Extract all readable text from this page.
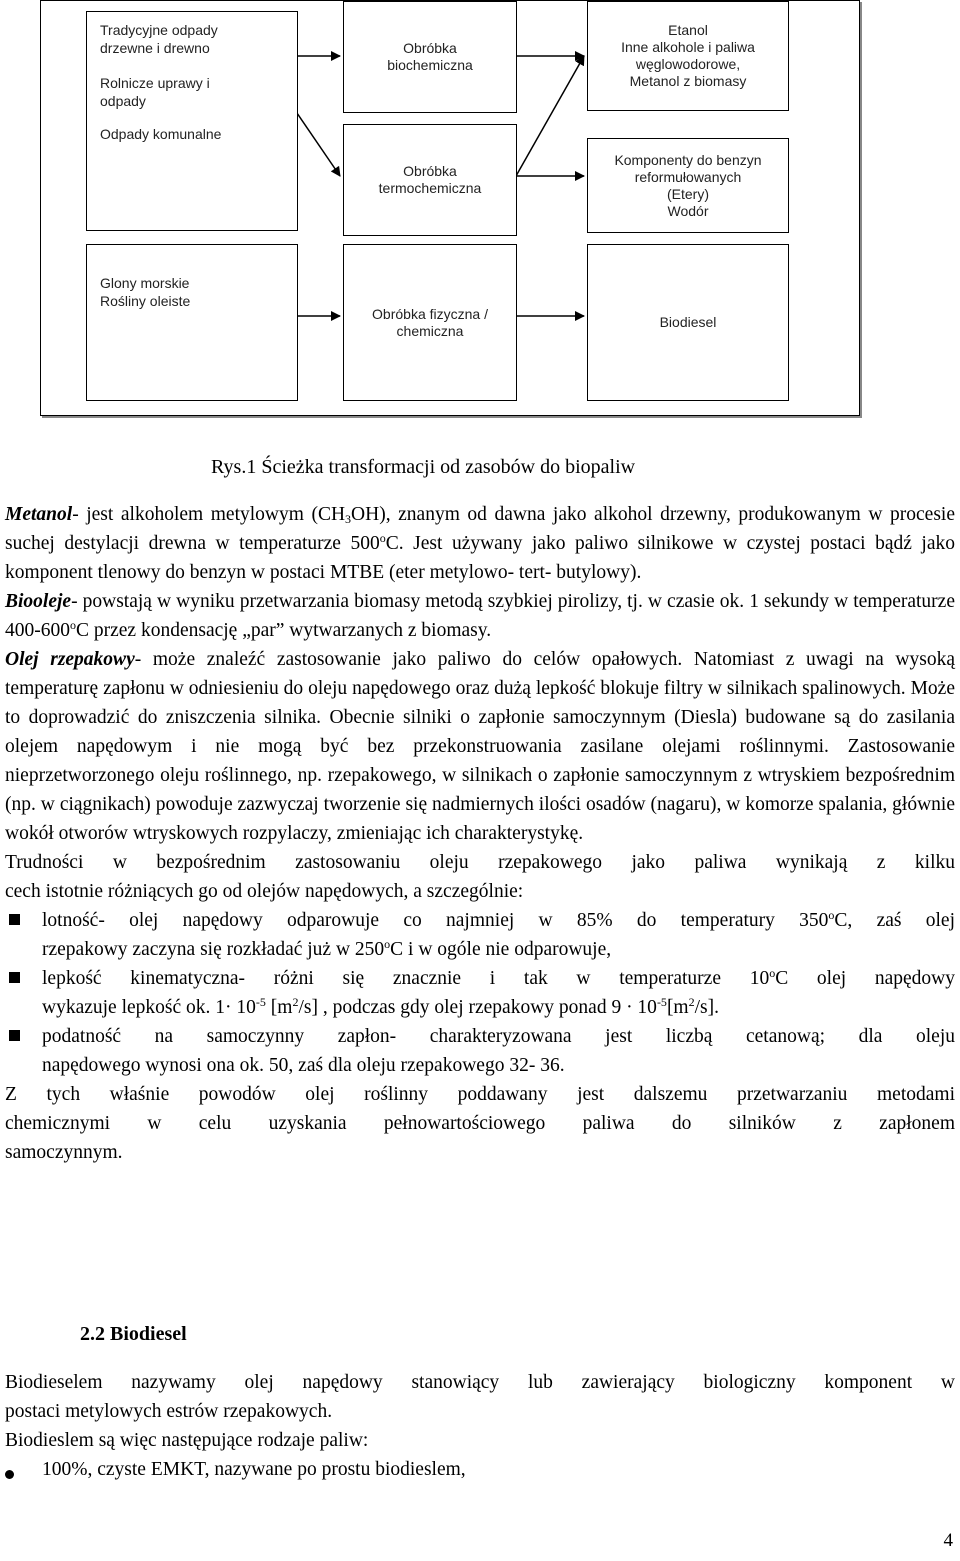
Tradycyjne odpady
drzewne i drewno
Rolnicze uprawy i
odpady
Odpady komunalne
Obróbka
biochemiczna
Obróbka
termochemiczna
Etanol
Inne alkohole i paliwa
węglowodorowe,
Metanol z biomasy
Komponenty do benzyn
reformułowanych
(Etery)
Wodór
Glony morskie
Rośliny oleiste
Obróbka fizyczna /
chemiczna
Biodiesel
Rys.1 Ścieżka transformacji od zasobów do biopaliw
Metanol- jest alkoholem metylowym $(CH_3OH)$, znanym od dawna jako alkohol drzewny, produkowanym w procesie suchej destylacji drewna w temperaturze 500$^o$C. Jest używany jako paliwo silnikowe w czystej postaci bądź jako komponent tlenowy do benzyn w postaci MTBE (eter metylowo- tert- butylowy).
Biooleje- powstają w wyniku przetwarzania biomasy metodą szybkiej pirolizy, tj. w czasie ok. 1 sekundy w temperaturze 400-600$^o$C przez kondensację „par” wytwarzanych z biomasy.
Olej rzepakowy- może znaleźć zastosowanie jako paliwo do celów opałowych. Natomiast z uwagi na wysoką temperaturę zapłonu w odniesieniu do oleju napędowego oraz dużą lepkość blokuje filtry w silnikach spalinowych. Może to doprowadzić do zniszczenia silnika. Obecnie silniki o zapłonie samoczynnym (Diesla) budowane są do zasilania olejem napędowym i nie mogą być bez przekonstruowania zasilane olejami roślinnymi. Zastosowanie nieprzetworzonego oleju roślinnego, np. rzepakowego, w silnikach o zapłonie samoczynnym z wtryskiem bezpośrednim (np. w ciągnikach) powoduje zazwyczaj tworzenie się nadmiernych ilości osadów (nagaru), w komorze spalania, głównie wokół otworów wtryskowych rozpylaczy, zmieniając ich charakterystykę.
Trudności w bezpośrednim zastosowaniu oleju rzepakowego jako paliwa wynikają z kilku
cech istotnie różniących go od olejów napędowych, a szczególnie:
lotność- olej napędowy odparowuje co najmniej w 85% do temperatury 350$^o$C, zaś olej
rzepakowy zaczyna się rozkładać już w 250$^o$C i w ogóle nie odparowuje,
lepkość kinematyczna- różni się znacznie i tak w temperaturze 10$^o$C olej napędowy
wykazuje lepkość ok. $1\cdot 10^{-5}$ $[m^2/s]$ , podczas gdy olej rzepakowy ponad $9 \cdot 10^{-5}[m^2/s]$.
podatność na samoczynny zapłon- charakteryzowana jest liczbą cetanową; dla oleju
napędowego wynosi ona ok. 50, zaś dla oleju rzepakowego 32- 36.
Z tych właśnie powodów olej roślinny poddawany jest dalszemu przetwarzaniu metodami
chemicznymi w celu uzyskania pełnowartościowego paliwa do silników z zapłonem
samoczynnym.
2.2 Biodiesel
Biodieselem nazywamy olej napędowy stanowiący lub zawierający biologiczny komponent w
postaci metylowych estrów rzepakowych.
Biodieslem są więc następujące rodzaje paliw:
100%, czyste EMKT, nazywane po prostu biodieslem,
4
